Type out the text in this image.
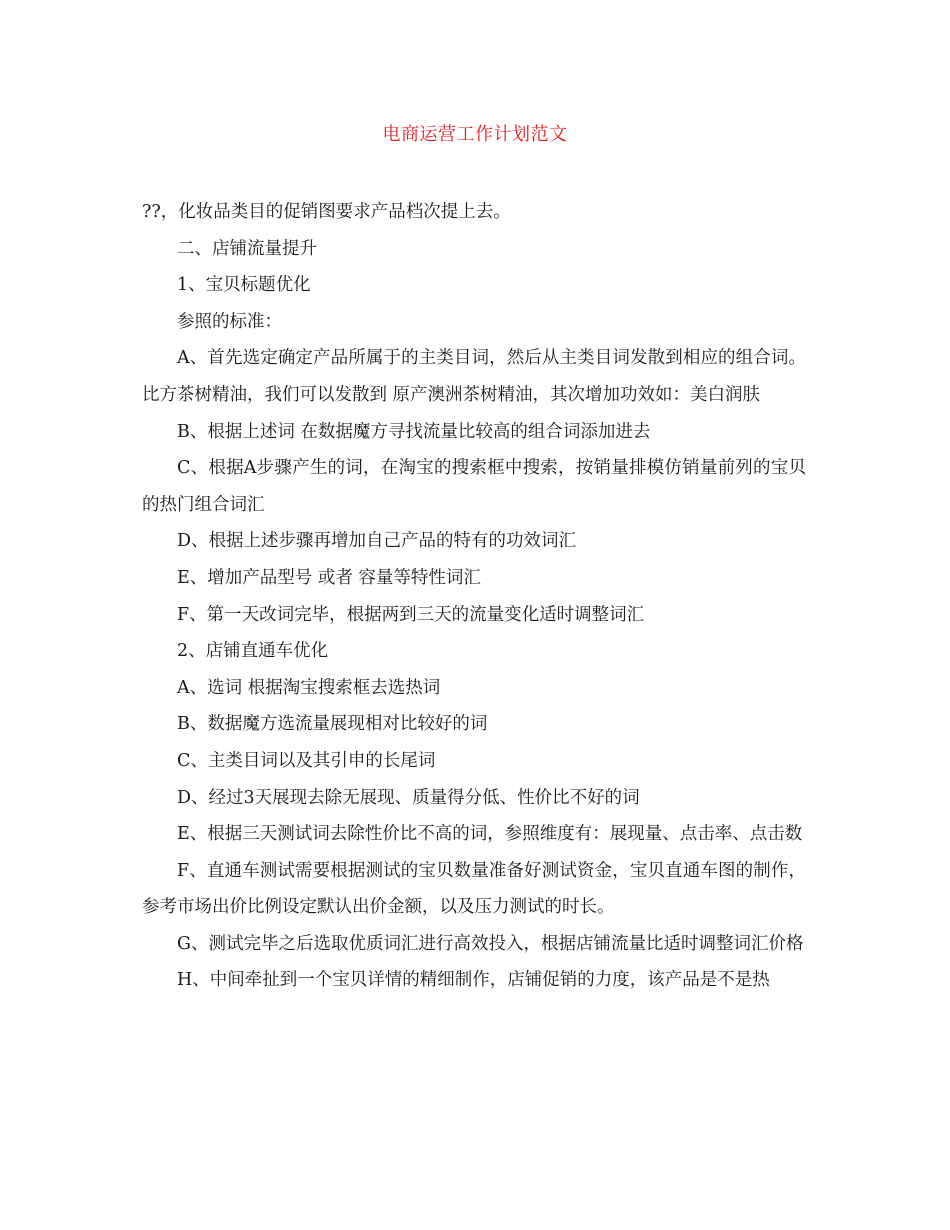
电商运营工作计划范文

??，化妆品类目的促销图要求产品档次提上去。

二、店铺流量提升

1、宝贝标题优化

参照的标准：

A、首先选定确定产品所属于的主类目词，然后从主类目词发散到相应的组合词。比方茶树精油，我们可以发散到 原产澳洲茶树精油，其次增加功效如：美白润肤

B、根据上述词 在数据魔方寻找流量比较高的组合词添加进去

C、根据A步骤产生的词，在淘宝的搜索框中搜索，按销量排模仿销量前列的宝贝的热门组合词汇

D、根据上述步骤再增加自己产品的特有的功效词汇

E、增加产品型号 或者 容量等特性词汇

F、第一天改词完毕，根据两到三天的流量变化适时调整词汇

2、店铺直通车优化

A、选词 根据淘宝搜索框去选热词

B、数据魔方选流量展现相对比较好的词

C、主类目词以及其引申的长尾词

D、经过3天展现去除无展现、质量得分低、性价比不好的词

E、根据三天测试词去除性价比不高的词，参照维度有：展现量、点击率、点击数

F、直通车测试需要根据测试的宝贝数量准备好测试资金，宝贝直通车图的制作，参考市场出价比例设定默认出价金额，以及压力测试的时长。

G、测试完毕之后选取优质词汇进行高效投入，根据店铺流量比适时调整词汇价格

H、中间牵扯到一个宝贝详情的精细制作，店铺促销的力度，该产品是不是热
